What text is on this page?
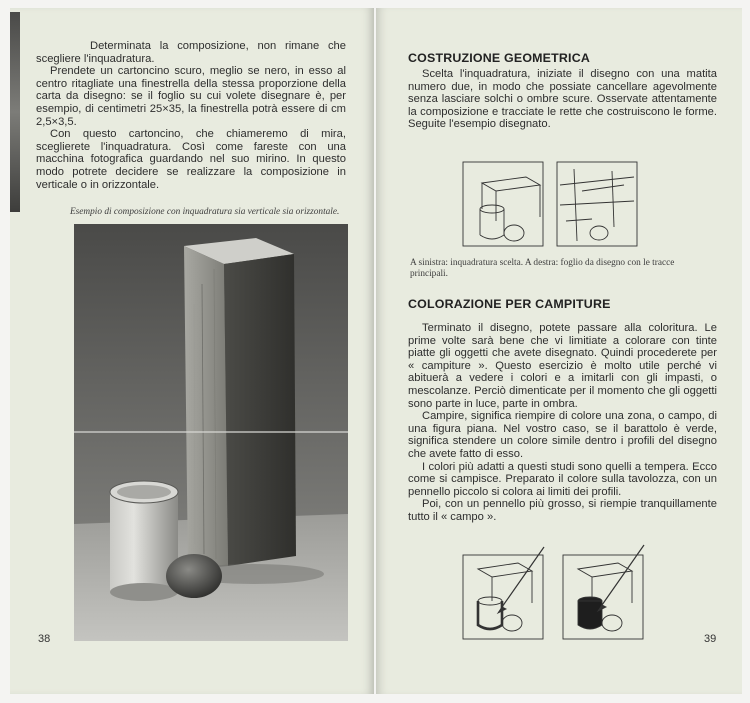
Determinata la composizione, non rimane che scegliere l'inquadratura.

Prendete un cartoncino scuro, meglio se nero, in esso al centro ritagliate una finestrella della stessa proporzione della carta da disegno: se il foglio su cui volete disegnare è, per esempio, di centimetri 25×35, la finestrella potrà essere di cm 2,5×3,5.

Con questo cartoncino, che chiameremo di mira, sceglierete l'inquadratura. Così come fareste con una macchina fotografica guardando nel suo mirino. In questo modo potrete decidere se realizzare la composizione in verticale o in orizzontale.

Esempio di composizione con inquadratura sia verticale sia orizzontale.

38
COSTRUZIONE GEOMETRICA

Scelta l'inquadratura, iniziate il disegno con una matita numero due, in modo che possiate cancellare agevolmente senza lasciare solchi o ombre scure. Osservate attentamente la composizione e tracciate le rette che costruiscono le forme. Seguite l'esempio disegnato.

A sinistra: inquadratura scelta. A destra: foglio da disegno con le tracce principali.

COLORAZIONE PER CAMPITURE

Terminato il disegno, potete passare alla coloritura. Le prime volte sarà bene che vi limitiate a colorare con tinte piatte gli oggetti che avete disegnato. Quindi procederete per « campiture ». Questo esercizio è molto utile perché vi abituerà a vedere i colori e a imitarli con gli impasti, o mescolanze. Perciò dimenticate per il momento che gli oggetti sono parte in luce, parte in ombra.

Campire, significa riempire di colore una zona, o campo, di una figura piana. Nel vostro caso, se il barattolo è verde, significa stendere un colore simile dentro i profili del disegno che avete fatto di esso.

I colori più adatti a questi studi sono quelli a tempera. Ecco come si campisce. Preparato il colore sulla tavolozza, con un pennello piccolo si colora ai limiti dei profili.

Poi, con un pennello più grosso, si riempie tranquillamente tutto il « campo ».

39
